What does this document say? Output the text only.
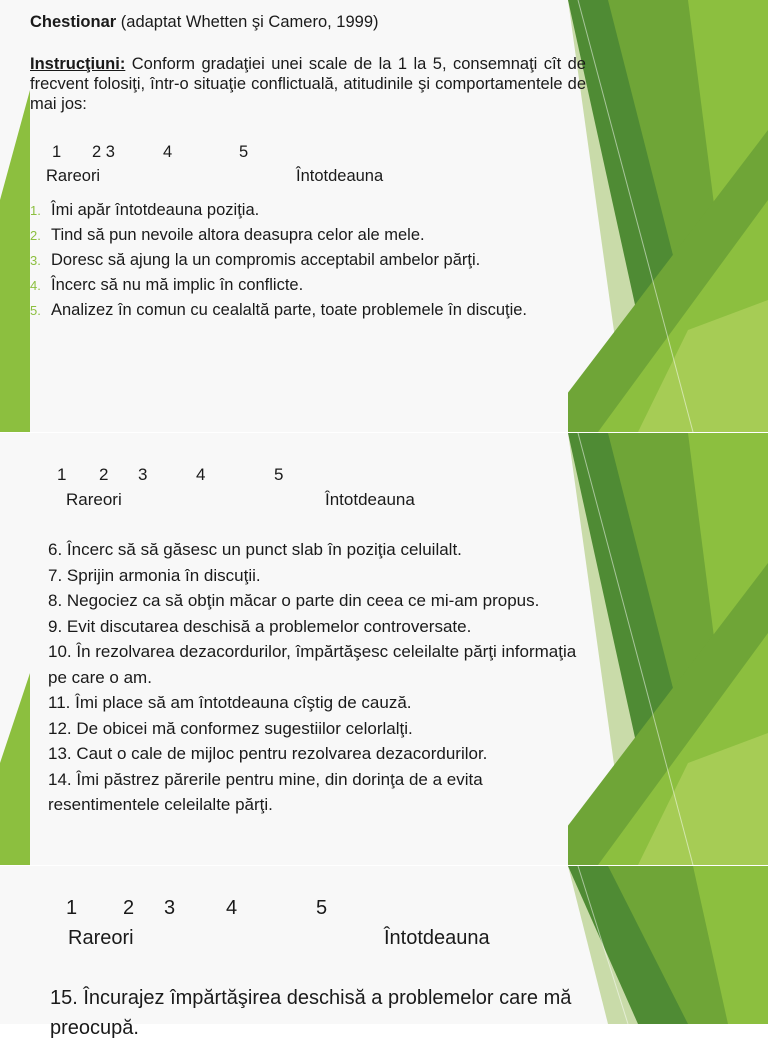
Chestionar (adaptat Whetten şi Camero, 1999)

Instrucţiuni: Conform gradaţiei unei scale de la 1 la 5, consemnaţi cît de frecvent folosiţi, într-o situaţie conflictuală, atitudinile şi comportamentele de mai jos:

1 2 3	4	5
Rareori	Întotdeauna
1. Îmi apăr întotdeauna poziţia.
2. Tind să pun nevoile altora deasupra celor ale mele.
3. Doresc să ajung la un compromis acceptabil ambelor părţi.
4. Încerc să nu mă implic în conflicte.
5. Analizez în comun cu cealaltă parte, toate problemele în discuţie.
1 2 3	4	5
Rareori	Întotdeauna

6. Încerc să să găsesc un punct slab în poziţia celuilalt.

7. Sprijin armonia în discuţii.

8. Negociez ca să obţin măcar o parte din ceea ce mi-am propus.

9. Evit discutarea deschisă a problemelor controversate.

10. În rezolvarea dezacordurilor, împărtăşesc celeilalte părţi informaţia pe care o am.

11. Îmi place să am întotdeauna cîştig de cauză.

12. De obicei mă conformez sugestiilor celorlalţi.

13. Caut o cale de mijloc pentru rezolvarea dezacordurilor.

14. Îmi păstrez părerile pentru mine, din dorinţa de a evita resentimentele celeilalte părţi.

1 2 3	4	5
Rareori	Întotdeauna

15. Încurajez împărtăşirea deschisă a problemelor care mă preocupă.
